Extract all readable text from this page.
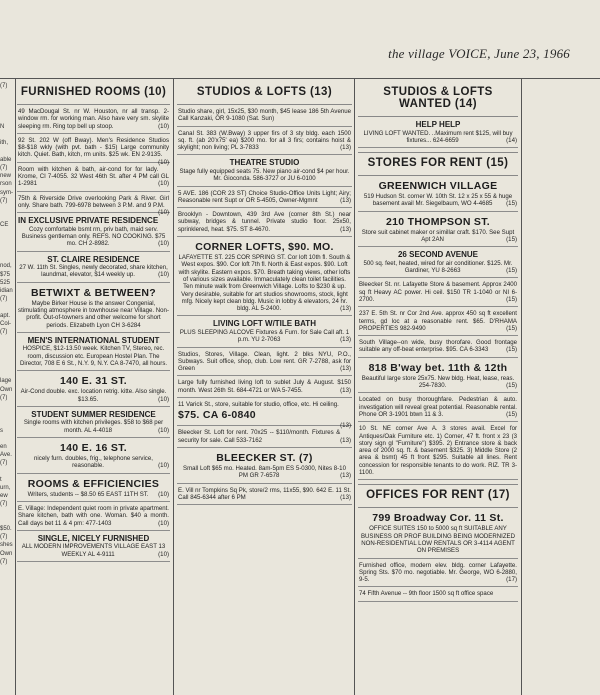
the village VOICE, June 23, 1966
(7)

N

ith,

able
(7)
new
rson
sym-
(7)

CE

nod,
$75
525
idian
(7)

apt.
Col-
(7)

lage
Own
(7)

s

en
Ave.
(7)

t
urn,
ew
(7)

$50.
(7)
shes
Own
(7)
FURNISHED ROOMS (10)
49 MacDougal St. nr W. Houston, nr all transp. 2-window rm. for working man. Also have very sm. skylite sleeping rm. Ring top bell up stoop.	(10)
92 St. 202 W (off Bway). Men's Residence Studios $8-$18 wkly (with pvt. bath - $15) Large community kitch. Quiet. Bath, kitch, rm units. $25 wk. EN 2-9135.
(10)
Room with kitchen & bath, air-cond for for lady. Krome, CI 7-4055. 32 West 46th St. after 4 PM call GL 1-2981	(10)
75th & Riverside Drive overlooking Park & River. Girl only. Share bath. 799-6978 between 3 P.M. and 9 P.M.
(10)
IN EXCLUSIVE PRIVATE RESIDENCE
Cozy comfortable bsmt rm, priv bath, maid serv. Business gentleman only. REFS. NO COOKING. $75 mo. CH 2-8982.	(10)
ST. CLAIRE RESIDENCE
27 W. 11th St. Singles, newly decorated, share kitchen, laundmat, elevator, $14 weekly up.	(10)
BETWIXT & BETWEEN?
Maybe Birker House is the answer Congenial, stimulating atmosphere in townhouse near Village. Non-profit. Out-of-towners and other welcome for short periods. Elizabeth Lyon CH 3-6284
MEN'S INTERNATIONAL STUDENT
HOSPICE, $12-13.50 week. Kitchen TV, Stereo, rec. room, discussion etc. European Hostel Plan. The Director, 708 E 6 St., N.Y. 9, N.Y. CA 8-7470, all hours.
140 E. 31 ST.
Air-Cond double. exc. location retrig. kitte. Also single. $13.65.	(10)
STUDENT SUMMER RESIDENCE
Single rooms with kitchen privileges. $58 to $68 per month. AL 4-4018	(10)
140 E. 16 ST.
nicely furn. doubles, frig., telephone service, reasonable.	(10)
ROOMS & EFFICIENCIES
Writers, students -- $8.50 65 EAST 11TH ST. (10)
E. Village: Independent quiet room in private apartment. Share kitchen, bath with one. Woman. $40 a month. Call days bet 11 & 4 pm: 477-1403	(10)
SINGLE, NICELY FURNISHED
ALL MODERN IMPROVEMENTS VILLAGE EAST 13 WEEKLY AL 4-9111	(10)
STUDIOS & LOFTS (13)
Studio share, girl, 15x25, $30 month, $45 lease 186 5th Avenue Call Kanzaki, OR 9-1080 (Sat. Sun)
Canal St. 383 (W.Bway) 3 upper firs of 3 sty bldg. each 1500 sq. ft. (ab 20'x75' ea) $200 mo. for all 3 firs; contains hoist & skylight; non living; PL 3-7833	(13)
THEATRE STUDIO
Stage fully equipped seats 75. New piano air-cond $4 per hour. Mr. Gioconda. 586-3727 or JU 6-0100
5 AVE. 186 (COR 23 ST) Choice Studio-Office Units Light; Airy; Reasonable rent Supt or OR 5-4505, Owner-Mgmnt	(13)
Brooklyn - Downtown, 439 3rd Ave (corner 8th St.) near subway, bridges & tunnel. Private studio floor. 25x50, sprinklered, heat. $75. ST 8-4670.	(13)
CORNER LOFTS, $90. MO.
LAFAYETTE ST. 225 COR SPRING ST. Cor loft 10th fl. South & West expos. $90. Cor loft 7th fl. North & East expos. $90. Loft with skylite. Eastern expos. $70. Breath taking views, other lofts of various sizes available. Immaculately clean toilet facilities. Ten minute walk from Greenwich Village. Lofts to $230 & up. Very desirable, suitable for art studios showrooms, stock, light mfg. Nicely kept clean bldg. Music in lobby & elevators, 24 hr. bldg. AL 5-2400.	(13)
LIVING LOFT W/TILE BATH
PLUS SLEEPING ALCOVE Fixtures & Furn. for Sale Call aft. 1 p.m. YU 2-7063	(13)
Studios, Stores, Village. Clean, light. 2 blks NYU, P.O., Subways. Suit office, shop, club. Low rent. GR 7-2788, ask for Green	(13)
Large fully furnished living loft to sublet July & August. $150 month. West 26th St. 684-4721 or WA 5-7455.	(13)
11 Varick St., store, suitable for studio, office, etc. Hi ceiling.
$75. CA 6-0840
(13)
Bleecker St. Loft for rent. 70x25 -- $110/month. Fixtures & security for sale. Call 533-7162	(13)
BLEECKER ST. (7)
Small Loft $65 mo. Heated. 8am-5pm ES 5-0300, Nites 8-10 PM GR 7-6578	(13)
E. Vill nr Tompkins Sq Pk, store/2 rms, 11x55, $90. 642 E. 11 St. Call 845-6344 after 6 PM	(13)
STUDIOS & LOFTS WANTED (14)
HELP HELP
LIVING LOFT WANTED. ..Maximum rent $125, will buy fixtures... 624-6659	(14)
STORES FOR RENT (15)
GREENWICH VILLAGE
519 Hudson St. corner W. 10th St. 12 x 25 x 55 & huge basement avail Mr. Siegelbaum, WO 4-4685 (15)
210 THOMPSON ST.
Store suit cabinet maker or simillar craft. $170. See Supt Apt 2AN	(15)
26 SECOND AVENUE
500 sq. feet, heated, wired for air conditioner. $125. Mr. Gardiner, YU 8-2663	(15)
Bleecker St. nr. Lafayette Store & basement. Approx 2400 sq ft Heavy AC power. Hi ceil. $150 TR 1-1040 or NI 6-2700.	(15)
237 E. 5th St. nr Cor 2nd Ave. approx 450 sq ft excellent terms, gd loc at a reasonable rent. $65. D'RHAMA PROPERTIES 982-9490	(15)
South Village--on wide, busy thorofare. Good frontage suitable any off-beat enterprise. $95. CA 6-3343	(15)
818 B'way bet. 11th & 12th
Beautiful large store 25x75. New bldg. Heat, lease, reas. 254-7830.	(15)
Located on busy thoroughfare. Pedestrian & auto. investigation will reveal great potential. Reasonable rental. Phone OR 3-1901 btwn 11 & 3.	(15)
10 St. NE corner Ave A. 3 stores avail. Excel for Antiques/Oak Furniture etc. 1) Corner, 47 ft. front x 23 (3 story sign gl "Furniture") $395. 2) Entrance store & back area of 2000 sq. ft. & basement $325. 3) Middle Store (2 area & bsmt) 45 ft front $295. Suitable all lines. Rent concession for responsible tenants to do work. RIZ. TR 3-1100.
OFFICES FOR RENT (17)
799 Broadway Cor. 11 St.
OFFICE SUITES 150 to 5000 sq ft SUITABLE ANY BUSINESS OR PROF BUILDING BEING MODERNIZED NON-RESIDENTIAL LOW RENTALS OR 3-4114 AGENT ON PREMISES
Furnished office, modern elev. bldg. corner Lafayette. Spring Sts. $70 mo. negotiable. Mr. George, WO 6-2880, 9-5.	(17)
74 Fifth Avenue -- 9th floor 1500 sq ft office space
